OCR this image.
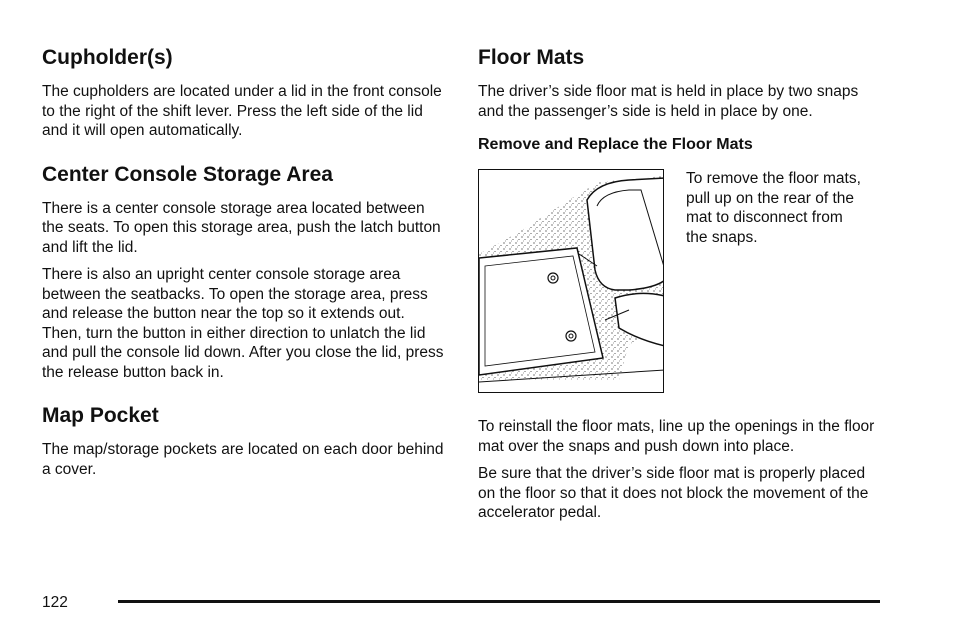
Cupholder(s)

The cupholders are located under a lid in the front console to the right of the shift lever. Press the left side of the lid and it will open automatically.

Center Console Storage Area

There is a center console storage area located between the seats. To open this storage area, push the latch button and lift the lid.

There is also an upright center console storage area between the seatbacks. To open the storage area, press and release the button near the top so it extends out. Then, turn the button in either direction to unlatch the lid and pull the console lid down. After you close the lid, press the release button back in.

Map Pocket

The map/storage pockets are located on each door behind a cover.

Floor Mats

The driver’s side floor mat is held in place by two snaps and the passenger’s side is held in place by one.

Remove and Replace the Floor Mats

To remove the floor mats, pull up on the rear of the mat to disconnect from the snaps.

To reinstall the floor mats, line up the openings in the floor mat over the snaps and push down into place.

Be sure that the driver’s side floor mat is properly placed on the floor so that it does not block the movement of the accelerator pedal.

122
